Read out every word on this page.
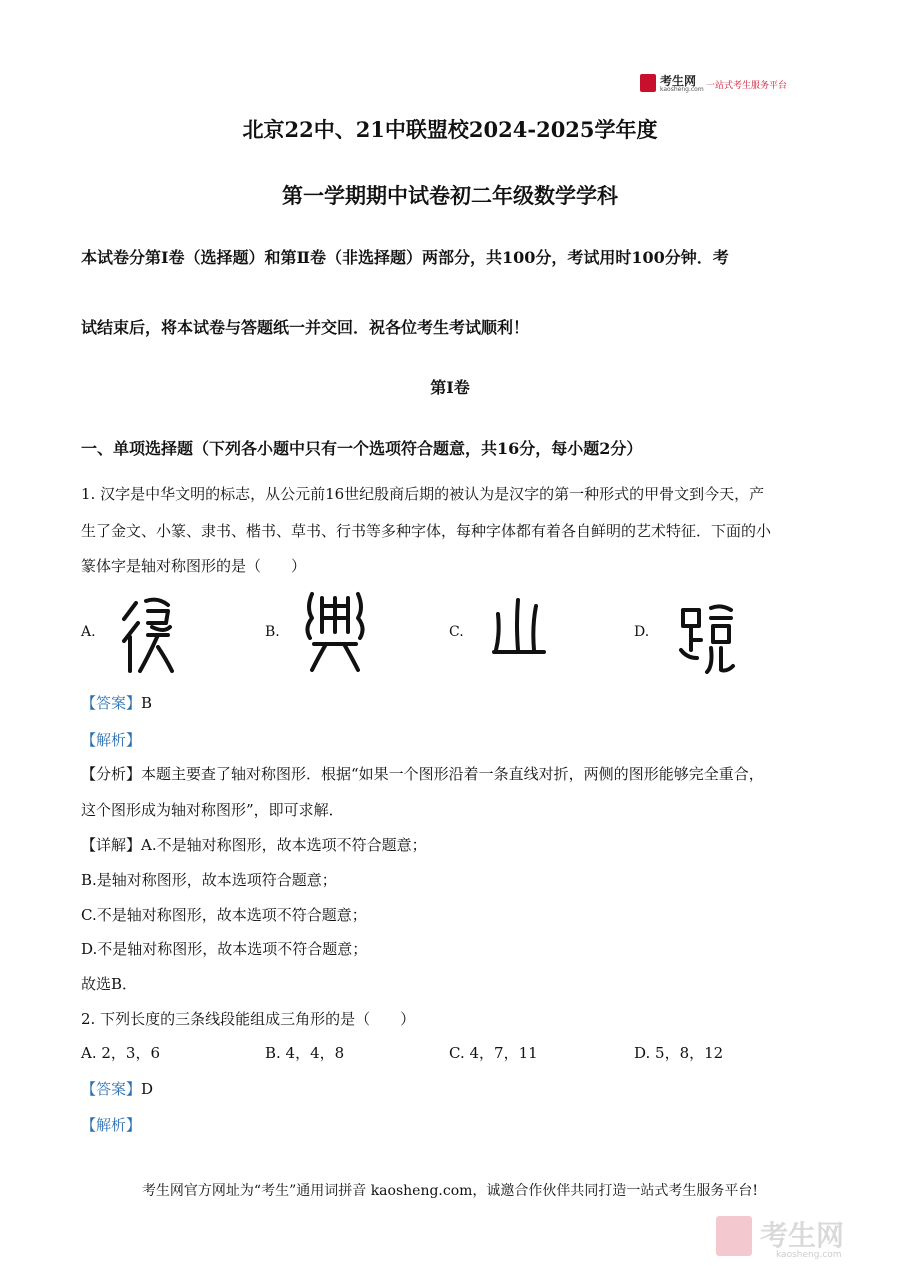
考生网
kaosheng.com 一站式考生服务平台
北京22中、21中联盟校2024-2025学年度
第一学期期中试卷初二年级数学学科
本试卷分第Ⅰ卷（选择题）和第Ⅱ卷（非选择题）两部分，共100分，考试用时100分钟．考
试结束后，将本试卷与答题纸一并交回．祝各位考生考试顺利！
第Ⅰ卷
一、单项选择题（下列各小题中只有一个选项符合题意，共16分，每小题2分）
1. 汉字是中华文明的标志，从公元前16世纪殷商后期的被认为是汉字的第一种形式的甲骨文到今天，产
生了金文、小篆、隶书、楷书、草书、行书等多种字体，每种字体都有着各自鲜明的艺术特征．下面的小
篆体字是轴对称图形的是（　　）
A.	B.	C.	D.
【答案】B
【解析】
【分析】本题主要查了轴对称图形．根据“如果一个图形沿着一条直线对折，两侧的图形能够完全重合，
这个图形成为轴对称图形”，即可求解．
【详解】A.不是轴对称图形，故本选项不符合题意；
B.是轴对称图形，故本选项符合题意；
C.不是轴对称图形，故本选项不符合题意；
D.不是轴对称图形，故本选项不符合题意；
故选B．
2. 下列长度的三条线段能组成三角形的是（　　）
A. 2，3，6	B. 4，4，8	C. 4，7，11	D. 5，8，12
【答案】D
【解析】
考生网官方网址为“考生”通用词拼音 kaosheng.com，诚邀合作伙伴共同打造一站式考生服务平台!
考生网
kaosheng.com
